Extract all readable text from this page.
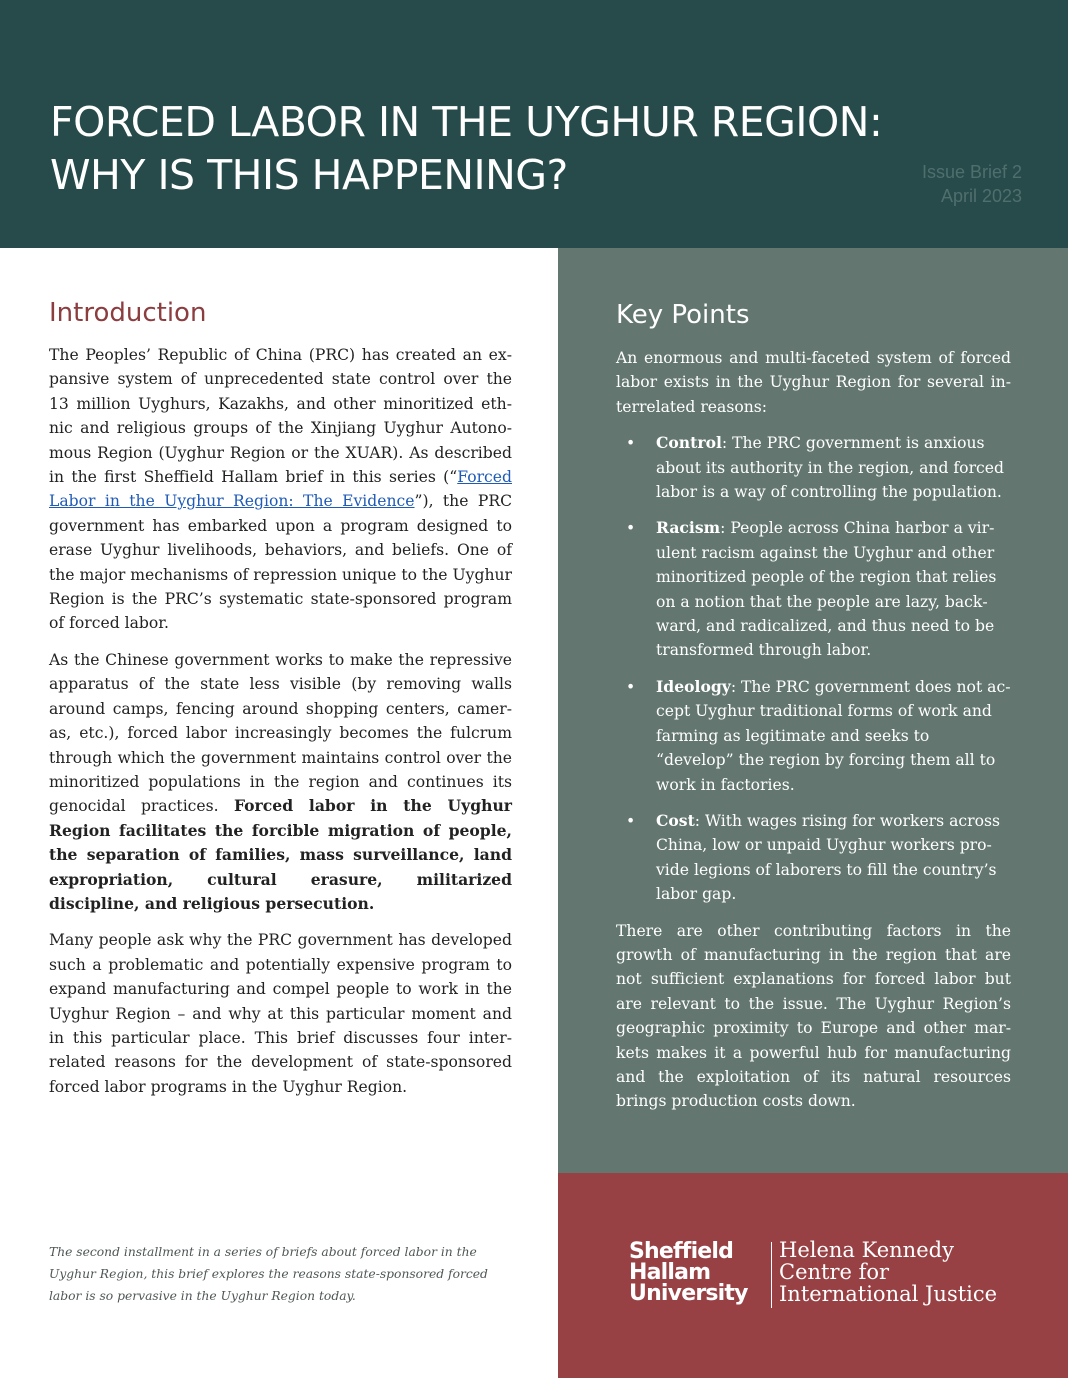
FORCED LABOR IN THE UYGHUR REGION:
WHY IS THIS HAPPENING?	Issue Brief 2
April 2023
Introduction

The Peoples’ Republic of China (PRC) has created an expansive system of unprecedented state control over the 13 million Uyghurs, Kazakhs, and other minoritized ethnic and religious groups of the Xinjiang Uyghur Autonomous Region (Uyghur Region or the XUAR). As described in the first Sheffield Hallam brief in this series (“Forced Labor in the Uyghur Region: The Evidence”), the PRC government has embarked upon a program designed to erase Uyghur livelihoods, behaviors, and beliefs. One of the major mechanisms of repression unique to the Uyghur Region is the PRC’s systematic state-sponsored program of forced labor.

As the Chinese government works to make the repressive apparatus of the state less visible (by removing walls around camps, fencing around shopping centers, cameras, etc.), forced labor increasingly becomes the fulcrum through which the government maintains control over the minoritized populations in the region and continues its genocidal practices. Forced labor in the Uyghur Region facilitates the forcible migration of people, the separation of families, mass surveillance, land expropriation, cultural erasure, militarized discipline, and religious persecution.

Many people ask why the PRC government has developed such a problematic and potentially expensive program to expand manufacturing and compel people to work in the Uyghur Region – and why at this particular moment and in this particular place. This brief discusses four interrelated reasons for the development of state-sponsored forced labor programs in the Uyghur Region.

The second installment in a series of briefs about forced labor in the Uyghur Region, this brief explores the reasons state-sponsored forced labor is so pervasive in the Uyghur Region today.

Key Points

An enormous and multi-faceted system of forced labor exists in the Uyghur Region for several interrelated reasons:

• Control: The PRC government is anxious about its authority in the region, and forced labor is a way of controlling the population.
• Racism: People across China harbor a virulent racism against the Uyghur and other minoritized people of the region that relies on a notion that the people are lazy, backward, and radicalized, and thus need to be transformed through labor.
• Ideology: The PRC government does not accept Uyghur traditional forms of work and farming as legitimate and seeks to “develop” the region by forcing them all to work in factories.
• Cost: With wages rising for workers across China, low or unpaid Uyghur workers provide legions of laborers to fill the country’s labor gap.

There are other contributing factors in the growth of manufacturing in the region that are not sufficient explanations for forced labor but are relevant to the issue. The Uyghur Region’s geographic proximity to Europe and other markets makes it a powerful hub for manufacturing and the exploitation of its natural resources brings production costs down.

Sheffield
Hallam
University
Helena Kennedy
Centre for
International Justice
